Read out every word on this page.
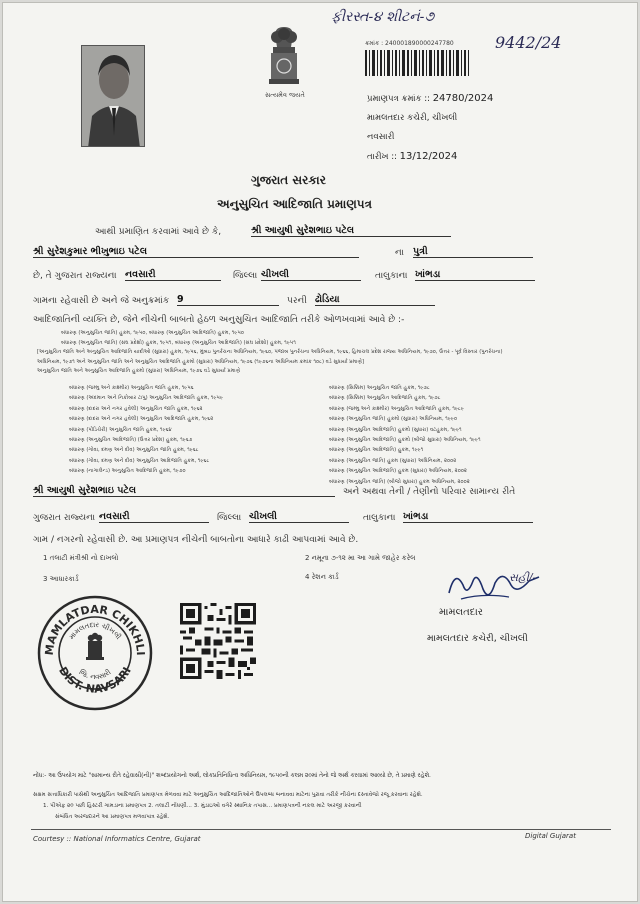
ફીરસ્ત-૪ શીટનં-૭
9442/24
સત્યમેવ જયતે
ક્રમાંક : 240001890000247780
પ્રમાણપત્ર ક્રમાંક :: 24780/2024
મામલતદાર કચેરી, ચીખલી
નવસારી
તારીખ :: 13/12/2024
ગુજરાત સરકાર
અનુસુચિત આદિજાતિ પ્રમાણપત્ર
આથી પ્રમાણિત કરવામાં આવે છે કે,	શ્રી આયુષી સુરેશભાઇ પટેલ
શ્રી સુરેશકુમાર ભીખુભાઇ પટેલ	ના પુત્રી
છે, તે ગુજરાત રાજ્યના નવસારી	જિલ્લા ચીખલી	તાલુકાના ખાંભડા
ગામના રહેવાસી છે અને જે અનુક્રમાંક 9	પરની ઢોડિયા
આદિજાતિની વ્યક્તિ છે, જેને નીચેની બાબતો હેઠળ અનુસુચિત આદિજાતિ તરીકે ઓળખવામાં આવે છે :-
બંધારણ (અનુસુચિત જાતિ) હુકમ, ૧૯૫૦, બંધારણ (અનુસુચિત આદિજાતિ) હુકમ, ૧૯૫૦
બંધારણ (અનુસુચિત જાતિ) (સંઘ પ્રદેશો) હુકમ, ૧૯૫૧, બંધારણ (અનુસુચિત આદિજાતિ) (સંઘ પ્રદેશો) હુકમ, ૧૯૫૧
[અનુસુચિત જાતિ અને અનુસુચિત આદિજાતિ યાદીઓ (સુધારા) હુકમ, ૧૯૫૬, મુંબઇ પુનર્રચના અધિનિયમ, ૧૯૬૦, પંજાબ પુનર્રચના અધિનિયમ, ૧૯૬૬, હિમાચલ પ્રદેશ રાજ્ય અધિનિયમ, ૧૯૭૦, ઉત્તર - પૂર્વ વિસ્તાર (પુનર્રચના)
અધિનિયમ, ૧૯૭૧ અને અનુસુચિત જાતિ અને અનુસુચિત આદિજાતિ હુકમો (સુધારા) અધિનિયમ, ૧૯૭૬ (૧૯૭૬ના અધિનિયમ ક્રમાંક ૧૦૮) વડે સુધાર્યા પ્રમાણે]
અનુસુચિત જાતિ અને અનુસુચિત આદિજાતિ હુકમો (સુધારા) અધિનિયમ, ૧૯૭૬ વડે સુધાર્યા પ્રમાણે
બંધારણ (જમ્મુ અને કાશ્મીર) અનુસુચિત જાતિ હુકમ, ૧૯૫૬
બંધારણ (અંદમાન અને નિકોબાર ટાપુ) અનુસુચિત આદિજાતિ હુકમ, ૧૯૫૯
બંધારણ (દાદરા અને નગર હવેલી) અનુસુચિત જાતિ હુકમ, ૧૯૬૨
બંધારણ (દાદરા અને નગર હવેલી) અનુસુચિત આદિજાતિ હુકમ, ૧૯૬૨
બંધારણ (પોંડિચેરી) અનુસુચિત જાતિ હુકમ, ૧૯૬૪
બંધારણ (અનુસુચિત આદિજાતિ) (ઉત્તર પ્રદેશ) હુકમ, ૧૯૬૭
બંધારણ (ગોવા, દમણ અને દીવ) અનુસુચિત જાતિ હુકમ, ૧૯૬૮
બંધારણ (ગોવા, દમણ અને દીવ) અનુસુચિત આદિજાતિ હુકમ, ૧૯૬૮
બંધારણ (નાગાલેન્ડ) અનુસુચિત આદિજાતિ હુકમ, ૧૯૭૦
બંધારણ (સિક્કિમ) અનુસુચિત જાતિ હુકમ, ૧૯૭૮
બંધારણ (સિક્કિમ) અનુસુચિત આદિજાતિ હુકમ, ૧૯૭૮
બંધારણ (જમ્મુ અને કાશ્મીર) અનુસુચિત આદિજાતિ હુકમ, ૧૯૮૯
બંધારણ (અનુસુચિત જાતિ) હુકમો (સુધારા) અધિનિયમ, ૧૯૯૦
બંધારણ (અનુસુચિત આદિજાતિ) હુકમો (સુધારા) વટહુકમ, ૧૯૯૧
બંધારણ (અનુસુચિત આદિજાતિ) હુકમો (બીજો સુધારા) અધિનિયમ, ૧૯૯૧
બંધારણ (અનુસુચિત આદિજાતિ) હુકમ, ૧૯૯૧
બંધારણ (અનુસુચિત જાતિ) હુકમ (સુધારા) અધિનિયમ, ૨૦૦૨
બંધારણ (અનુસુચિત આદિજાતિ) હુકમ (સુધારા) અધિનિયમ, ૨૦૦૨
બંધારણ (અનુસુચિત જાતિ) (બીજો સુધારા) હુકમ અધિનિયમ, ૨૦૦૨
શ્રી આયુષી સુરેશભાઇ પટેલ	અને અથવા તેની / તેણીનો પરિવાર સામાન્ય રીતે
ગુજરાત રાજ્યના નવસારી	જિલ્લા ચીખલી	તાલુકાના ખાંભડા
ગામ / નગરનો રહેવાસી છે. આ પ્રમાણપત્ર નીચેની બાબતોના આધારે કાઢી આપવામાં આવે છે.
1 તલાટી મંત્રીશ્રી નો દાખલો	2 નમૂના ૭-૧૨ મા આ ગામે જાહેર કરેલ
3 આધારકાર્ડ	4 રેશન કાર્ડ	સહી/-
મામલતદાર
મામલતદાર કચેરી, ચીખલી
MAMLATDAR CHIKHLI
DIST. NAVSARI
મામલતદાર ચીખલી
જિ. નવસારી
નોંધ:- આ ઉપયોગ માટે "સામાન્ય રીતે રહેવાસી(ની)" શબ્દપ્રયોગનો અર્થ, લોકપ્રતિનિધિત્વ અધિનિયમ, ૧૯૫૦ની કલમ ૨૦માં તેનો જે અર્થ કરવામાં આવ્યો છે, તે પ્રમાણે રહેશે.
સક્ષમ સત્તાધિકારી પાસેથી અનુસુચિત આદિજાતિ પ્રમાણપત્ર મેળવવા માટે અનુસુચિત આદિજાતિઓને ઉપલબ્ધ બનાવવા માટેના પુરાવા તરીકે નીચેના દસ્તાવેજો રજૂ કરવાના રહેશે.
1. પીએફ ૨૦ પછી હિસ્ટરી ગામડાના પ્રમાણપત્ર 2. તલાટી નોંધણી... 3. મુંડાઇઓ વગેરે સ્થાનિક તપાસ... પ્રમાણપત્રની નકલ માટે અરજી કરવાની
સંબંધિત અરજદારને આ પ્રમાણપત્ર મળવાપાત્ર રહેશે.
Courtesy :: National Informatics Centre, Gujarat	Digital Gujarat
